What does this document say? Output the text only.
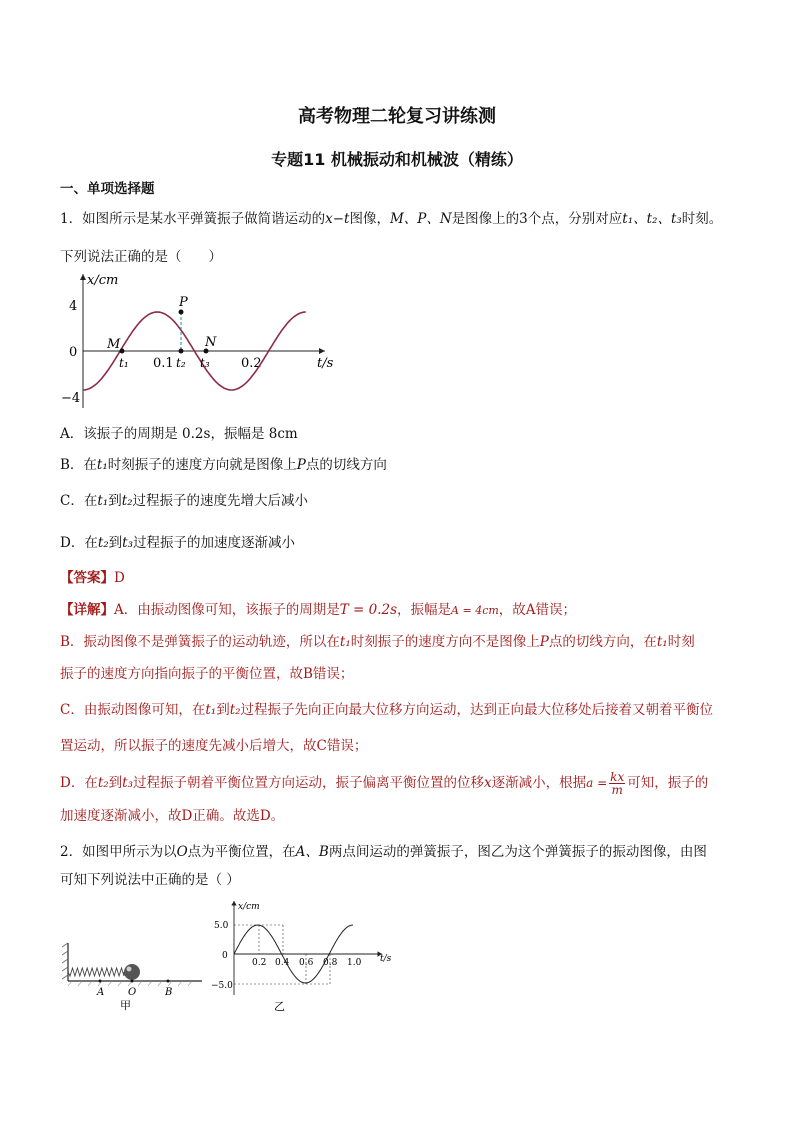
高考物理二轮复习讲练测
专题11 机械振动和机械波（精练）
一、单项选择题
1．如图所示是某水平弹簧振子做简谐运动的x−t图像，M、P、N是图像上的3个点，分别对应t₁、t₂、t₃时刻。
下列说法正确的是（　　）
x/cm
t/s
4
0
−4
0.1	0.2
M
P
N
t₁	t₂ t₃
A．该振子的周期是 0.2s，振幅是 8cm
B．在t₁时刻振子的速度方向就是图像上P点的切线方向
C．在t₁到t₂过程振子的速度先增大后减小
D．在t₂到t₃过程振子的加速度逐渐减小
【答案】D
【详解】A．由振动图像可知，该振子的周期是T = 0.2s，振幅是A = 4cm，故A错误；
B．振动图像不是弹簧振子的运动轨迹，所以在t₁时刻振子的速度方向不是图像上P点的切线方向，在t₁时刻
振子的速度方向指向振子的平衡位置，故B错误；
C．由振动图像可知，在t₁到t₂过程振子先向正向最大位移方向运动，达到正向最大位移处后接着又朝着平衡位
置运动，所以振子的速度先减小后增大，故C错误；
D．在t₂到t₃过程振子朝着平衡位置方向运动，振子偏离平衡位置的位移x逐渐减小，根据$a = \frac{kx}{m}$ 可知，振子的
加速度逐渐减小，故D正确。故选D。
2．如图甲所示为以O点为平衡位置，在A、B两点间运动的弹簧振子，图乙为这个弹簧振子的振动图像，由图
可知下列说法中正确的是（ ）
A O	B
甲
x/cm
t/s
5.0
0
−5.0
0.2 0.4 0.6 0.8 1.0
乙
